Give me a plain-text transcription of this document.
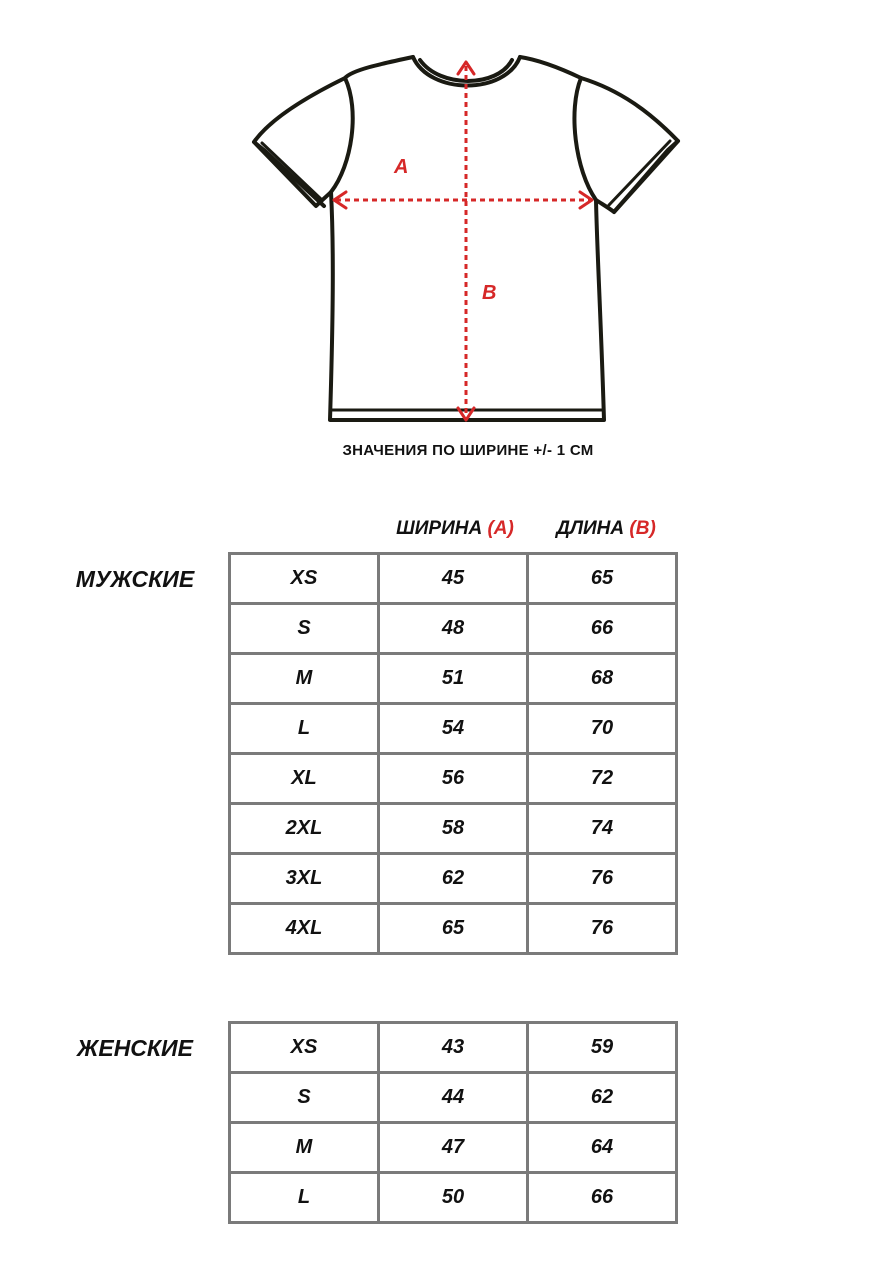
A
B
ЗНАЧЕНИЯ ПО ШИРИНЕ +/- 1 СМ
ШИРИНА (A)	ДЛИНА (B)
МУЖСКИЕ	XS	45	65
S	48	66
M	51	68
L	54	70
XL	56	72
2XL	58	74
3XL	62	76
4XL	65	76
ЖЕНСКИЕ	XS	43	59
S	44	62
M	47	64
L	50	66
